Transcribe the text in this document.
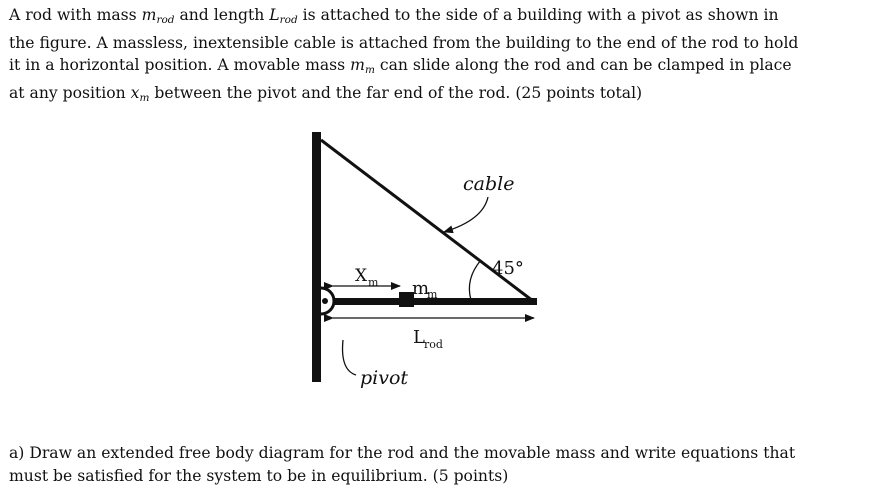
A rod with mass $m_{rod}$ and length $L_{rod}$ is attached to the side of a building with a pivot as shown in
the figure. A massless, inextensible cable is attached from the building to the end of the rod to hold
it in a horizontal position. A movable mass $m_m$ can slide along the rod and can be clamped in place
at any position $x_m$ between the pivot and the far end of the rod. (25 points total)
cable
45°
X m m
m
L rod
pivot
a) Draw an extended free body diagram for the rod and the movable mass and write equations that
must be satisfied for the system to be in equilibrium. (5 points)
